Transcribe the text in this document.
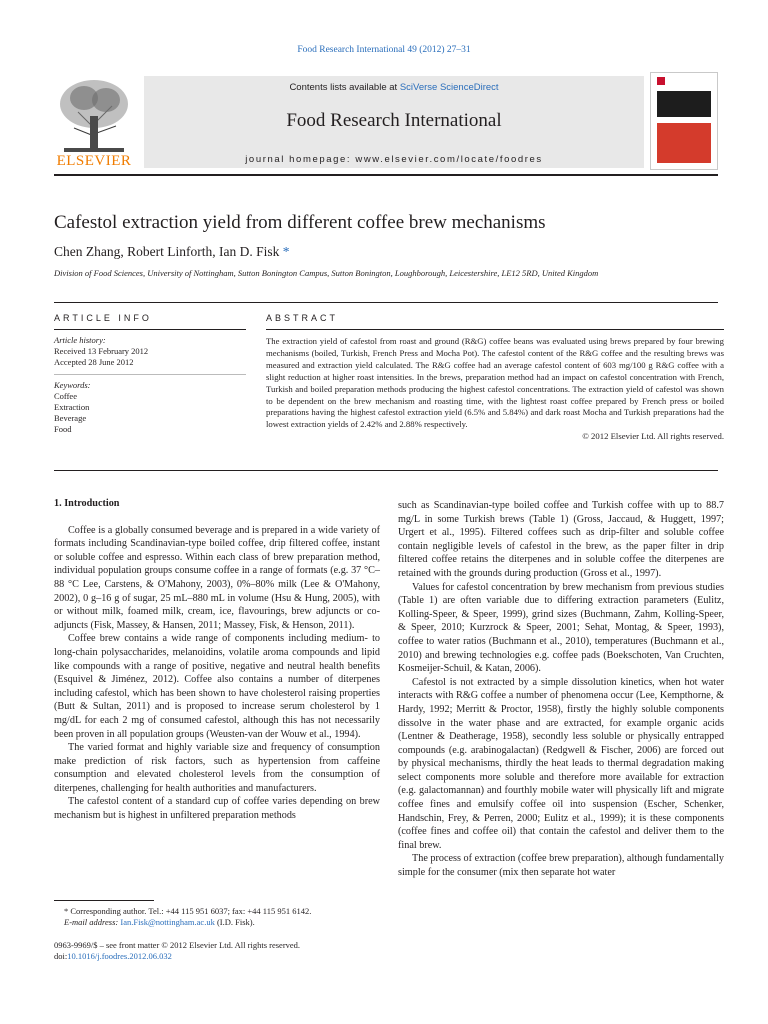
Food Research International 49 (2012) 27–31
ELSEVIER
Contents lists available at SciVerse ScienceDirect
Food Research International
journal homepage: www.elsevier.com/locate/foodres
Cafestol extraction yield from different coffee brew mechanisms
Chen Zhang, Robert Linforth, Ian D. Fisk *
Division of Food Sciences, University of Nottingham, Sutton Bonington Campus, Sutton Bonington, Loughborough, Leicestershire, LE12 5RD, United Kingdom
ARTICLE INFO	ABSTRACT
Article history:
Received 13 February 2012
Accepted 28 June 2012
Keywords:
Coffee
Extraction
Beverage
Food

The extraction yield of cafestol from roast and ground (R&G) coffee beans was evaluated using brews prepared by four brewing mechanisms (boiled, Turkish, French Press and Mocha Pot). The cafestol content of the R&G coffee and the resulting brews was measured and extraction yield calculated. The R&G coffee had an average cafestol content of 603 mg/100 g R&G coffee with a slight reduction at higher roast intensities. In the brews, preparation method had an impact on cafestol concentration with French, Turkish and boiled preparation methods producing the highest cafestol concentrations. The extraction yield of cafestol was shown to be dependent on the brew mechanism and roasting time, with the lightest roast coffee prepared by French press or boiled preparations having the highest cafestol extraction yield (6.5% and 5.84%) and dark roast Mocha and Turkish preparations had the lowest extraction yields of 2.42% and 2.88% respectively.
© 2012 Elsevier Ltd. All rights reserved.

1. Introduction

Coffee is a globally consumed beverage and is prepared in a wide variety of formats including Scandinavian-type boiled coffee, drip filtered coffee, instant or soluble coffee and espresso. Within each class of brew preparation method, individual population groups consume coffee in a range of formats (e.g. 37 °C–88 °C Lee, Carstens, & O'Mahony, 2003), 0%–80% milk (Lee & O'Mahony, 2002), 0 g–16 g of sugar, 25 mL–880 mL in volume (Hsu & Hung, 2005), with or without milk, foamed milk, cream, ice, flavourings, brew adjuncts or co-adjuncts (Fisk, Massey, & Hansen, 2011; Massey, Fisk, & Henson, 2011).

Coffee brew contains a wide range of components including medium- to long-chain polysaccharides, melanoidins, volatile aroma compounds and lipid like compounds with a range of positive, negative and neutral health benefits (Esquivel & Jiménez, 2012). Coffee also contains a number of diterpenes including cafestol, which has been shown to have cholesterol raising properties (Butt & Sultan, 2011) and is proposed to increase serum cholesterol by 1 mg/dL for each 2 mg of consumed cafestol, although this has not necessarily been proven in all population groups (Weusten-van der Wouw et al., 1994).

The varied format and highly variable size and frequency of consumption make prediction of risk factors, such as hypertension from caffeine consumption and elevated cholesterol levels from the consumption of diterpenes, challenging for health authorities and manufacturers.

The cafestol content of a standard cup of coffee varies depending on brew mechanism but is highest in unfiltered preparation methods

such as Scandinavian-type boiled coffee and Turkish coffee with up to 88.7 mg/L in some Turkish brews (Table 1) (Gross, Jaccaud, & Huggett, 1997; Urgert et al., 1995). Filtered coffees such as drip-filter and soluble coffee contain negligible levels of cafestol in the brew, as the paper filter in drip filtered coffee retains the diterpenes and in soluble coffee the diterpenes are retained with the grounds during production (Gross et al., 1997).

Values for cafestol concentration by brew mechanism from previous studies (Table 1) are often variable due to differing extraction parameters (Eulitz, Kolling-Speer, & Speer, 1999), grind sizes (Buchmann, Zahm, Kolling-Speer, & Speer, 2010; Kurzrock & Speer, 2001; Sehat, Montag, & Speer, 1993), coffee to water ratios (Buchmann et al., 2010), temperatures (Buchmann et al., 2010) and brewing technologies e.g. coffee pads (Boekschoten, Van Cruchten, Kosmeijer-Schuil, & Katan, 2006).

Cafestol is not extracted by a simple dissolution kinetics, when hot water interacts with R&G coffee a number of phenomena occur (Lee, Kempthorne, & Hardy, 1992; Merritt & Proctor, 1958), firstly the highly soluble components dissolve in the water phase and are extracted, for example organic acids (Lentner & Deatherage, 1958), secondly less soluble or physically entrapped compounds (e.g. arabinogalactan) (Redgwell & Fischer, 2006) are forced out by physical mechanisms, thirdly the heat leads to thermal degradation making select components more soluble and therefore more available for extraction (e.g. galactomannan) and fourthly mobile water will physically lift and migrate coffee fines and emulsify coffee oil into suspension (Escher, Schenker, Handschin, Frey, & Perren, 2000; Eulitz et al., 1999); it is these components (coffee fines and coffee oil) that contain the cafestol and deliver them to the final brew.

The process of extraction (coffee brew preparation), although fundamentally simple for the consumer (mix then separate hot water

* Corresponding author. Tel.: +44 115 951 6037; fax: +44 115 951 6142.

E-mail address: Ian.Fisk@nottingham.ac.uk (I.D. Fisk).

0963-9969/$ – see front matter © 2012 Elsevier Ltd. All rights reserved.
doi:10.1016/j.foodres.2012.06.032
